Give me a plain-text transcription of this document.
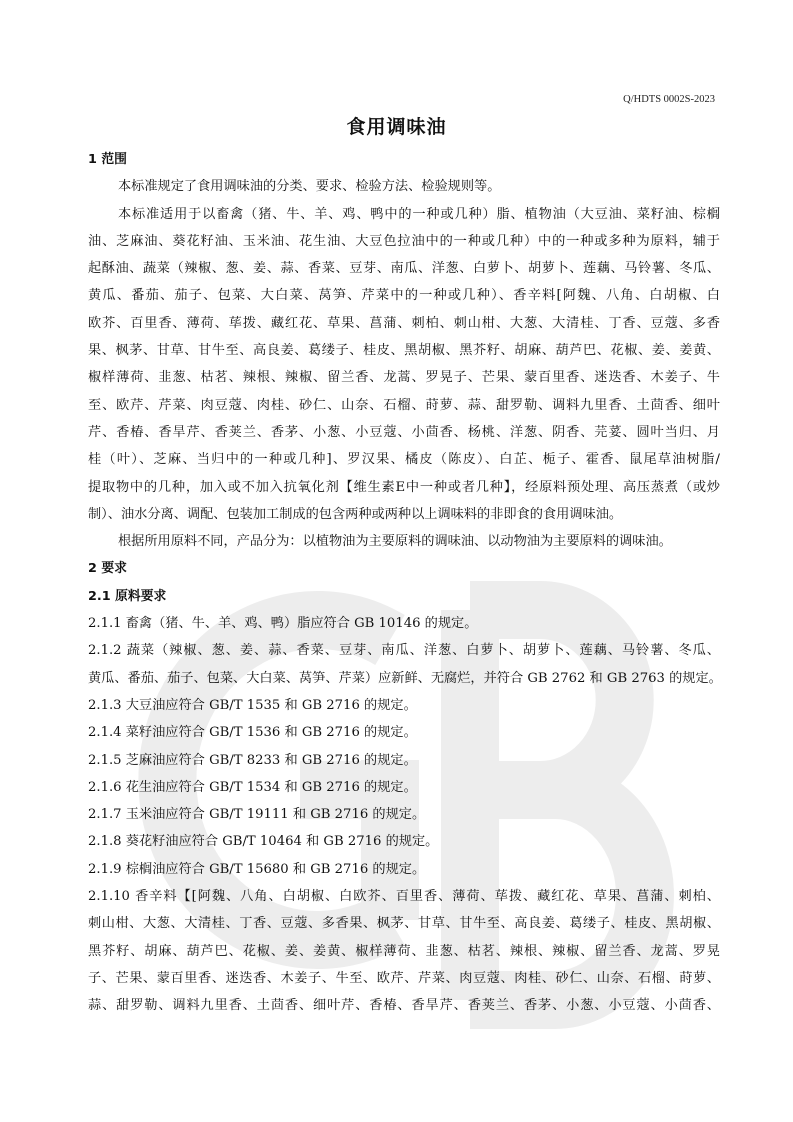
Q/HDTS 0002S-2023
食用调味油
1 范围
本标准规定了食用调味油的分类、要求、检验方法、检验规则等。
本标准适用于以畜禽（猪、牛、羊、鸡、鸭中的一种或几种）脂、植物油（大豆油、菜籽油、棕榈
油、芝麻油、葵花籽油、玉米油、花生油、大豆色拉油中的一种或几种）中的一种或多种为原料，辅于
起酥油、蔬菜（辣椒、葱、姜、蒜、香菜、豆芽、南瓜、洋葱、白萝卜、胡萝卜、莲藕、马铃薯、冬瓜、
黄瓜、番茄、茄子、包菜、大白菜、莴笋、芹菜中的一种或几种）、香辛料[阿魏、八角、白胡椒、白
欧芥、百里香、薄荷、荜拨、藏红花、草果、菖蒲、刺柏、刺山柑、大葱、大清桂、丁香、豆蔻、多香
果、枫茅、甘草、甘牛至、高良姜、葛缕子、桂皮、黑胡椒、黑芥籽、胡麻、葫芦巴、花椒、姜、姜黄、
椒样薄荷、韭葱、枯茗、辣根、辣椒、留兰香、龙蒿、罗晃子、芒果、蒙百里香、迷迭香、木姜子、牛
至、欧芹、芹菜、肉豆蔻、肉桂、砂仁、山奈、石榴、莳萝、蒜、甜罗勒、调料九里香、土茴香、细叶
芹、香椿、香旱芹、香荚兰、香茅、小葱、小豆蔻、小茴香、杨桃、洋葱、阴香、芫荽、圆叶当归、月
桂（叶）、芝麻、当归中的一种或几种]、罗汉果、橘皮（陈皮）、白芷、栀子、霍香、鼠尾草油树脂/
提取物中的几种，加入或不加入抗氧化剂【维生素E中一种或者几种】，经原料预处理、高压蒸煮（或炒
制）、油水分离、调配、包装加工制成的包含两种或两种以上调味料的非即食的食用调味油。
根据所用原料不同，产品分为：以植物油为主要原料的调味油、以动物油为主要原料的调味油。
2 要求
2.1 原料要求
2.1.1 畜禽（猪、牛、羊、鸡、鸭）脂应符合 GB 10146 的规定。
2.1.2 蔬菜（辣椒、葱、姜、蒜、香菜、豆芽、南瓜、洋葱、白萝卜、胡萝卜、莲藕、马铃薯、冬瓜、
黄瓜、番茄、茄子、包菜、大白菜、莴笋、芹菜）应新鲜、无腐烂，并符合 GB 2762 和 GB 2763 的规定。
2.1.3 大豆油应符合 GB/T 1535 和 GB 2716 的规定。
2.1.4 菜籽油应符合 GB/T 1536 和 GB 2716 的规定。
2.1.5 芝麻油应符合 GB/T 8233 和 GB 2716 的规定。
2.1.6 花生油应符合 GB/T 1534 和 GB 2716 的规定。
2.1.7 玉米油应符合 GB/T 19111 和 GB 2716 的规定。
2.1.8 葵花籽油应符合 GB/T 10464 和 GB 2716 的规定。
2.1.9 棕榈油应符合 GB/T 15680 和 GB 2716 的规定。
2.1.10 香辛料【[阿魏、八角、白胡椒、白欧芥、百里香、薄荷、荜拨、藏红花、草果、菖蒲、刺柏、
刺山柑、大葱、大清桂、丁香、豆蔻、多香果、枫茅、甘草、甘牛至、高良姜、葛缕子、桂皮、黑胡椒、
黑芥籽、胡麻、葫芦巴、花椒、姜、姜黄、椒样薄荷、韭葱、枯茗、辣根、辣椒、留兰香、龙蒿、罗晃
子、芒果、蒙百里香、迷迭香、木姜子、牛至、欧芹、芹菜、肉豆蔻、肉桂、砂仁、山奈、石榴、莳萝、
蒜、甜罗勒、调料九里香、土茴香、细叶芹、香椿、香旱芹、香荚兰、香茅、小葱、小豆蔻、小茴香、
